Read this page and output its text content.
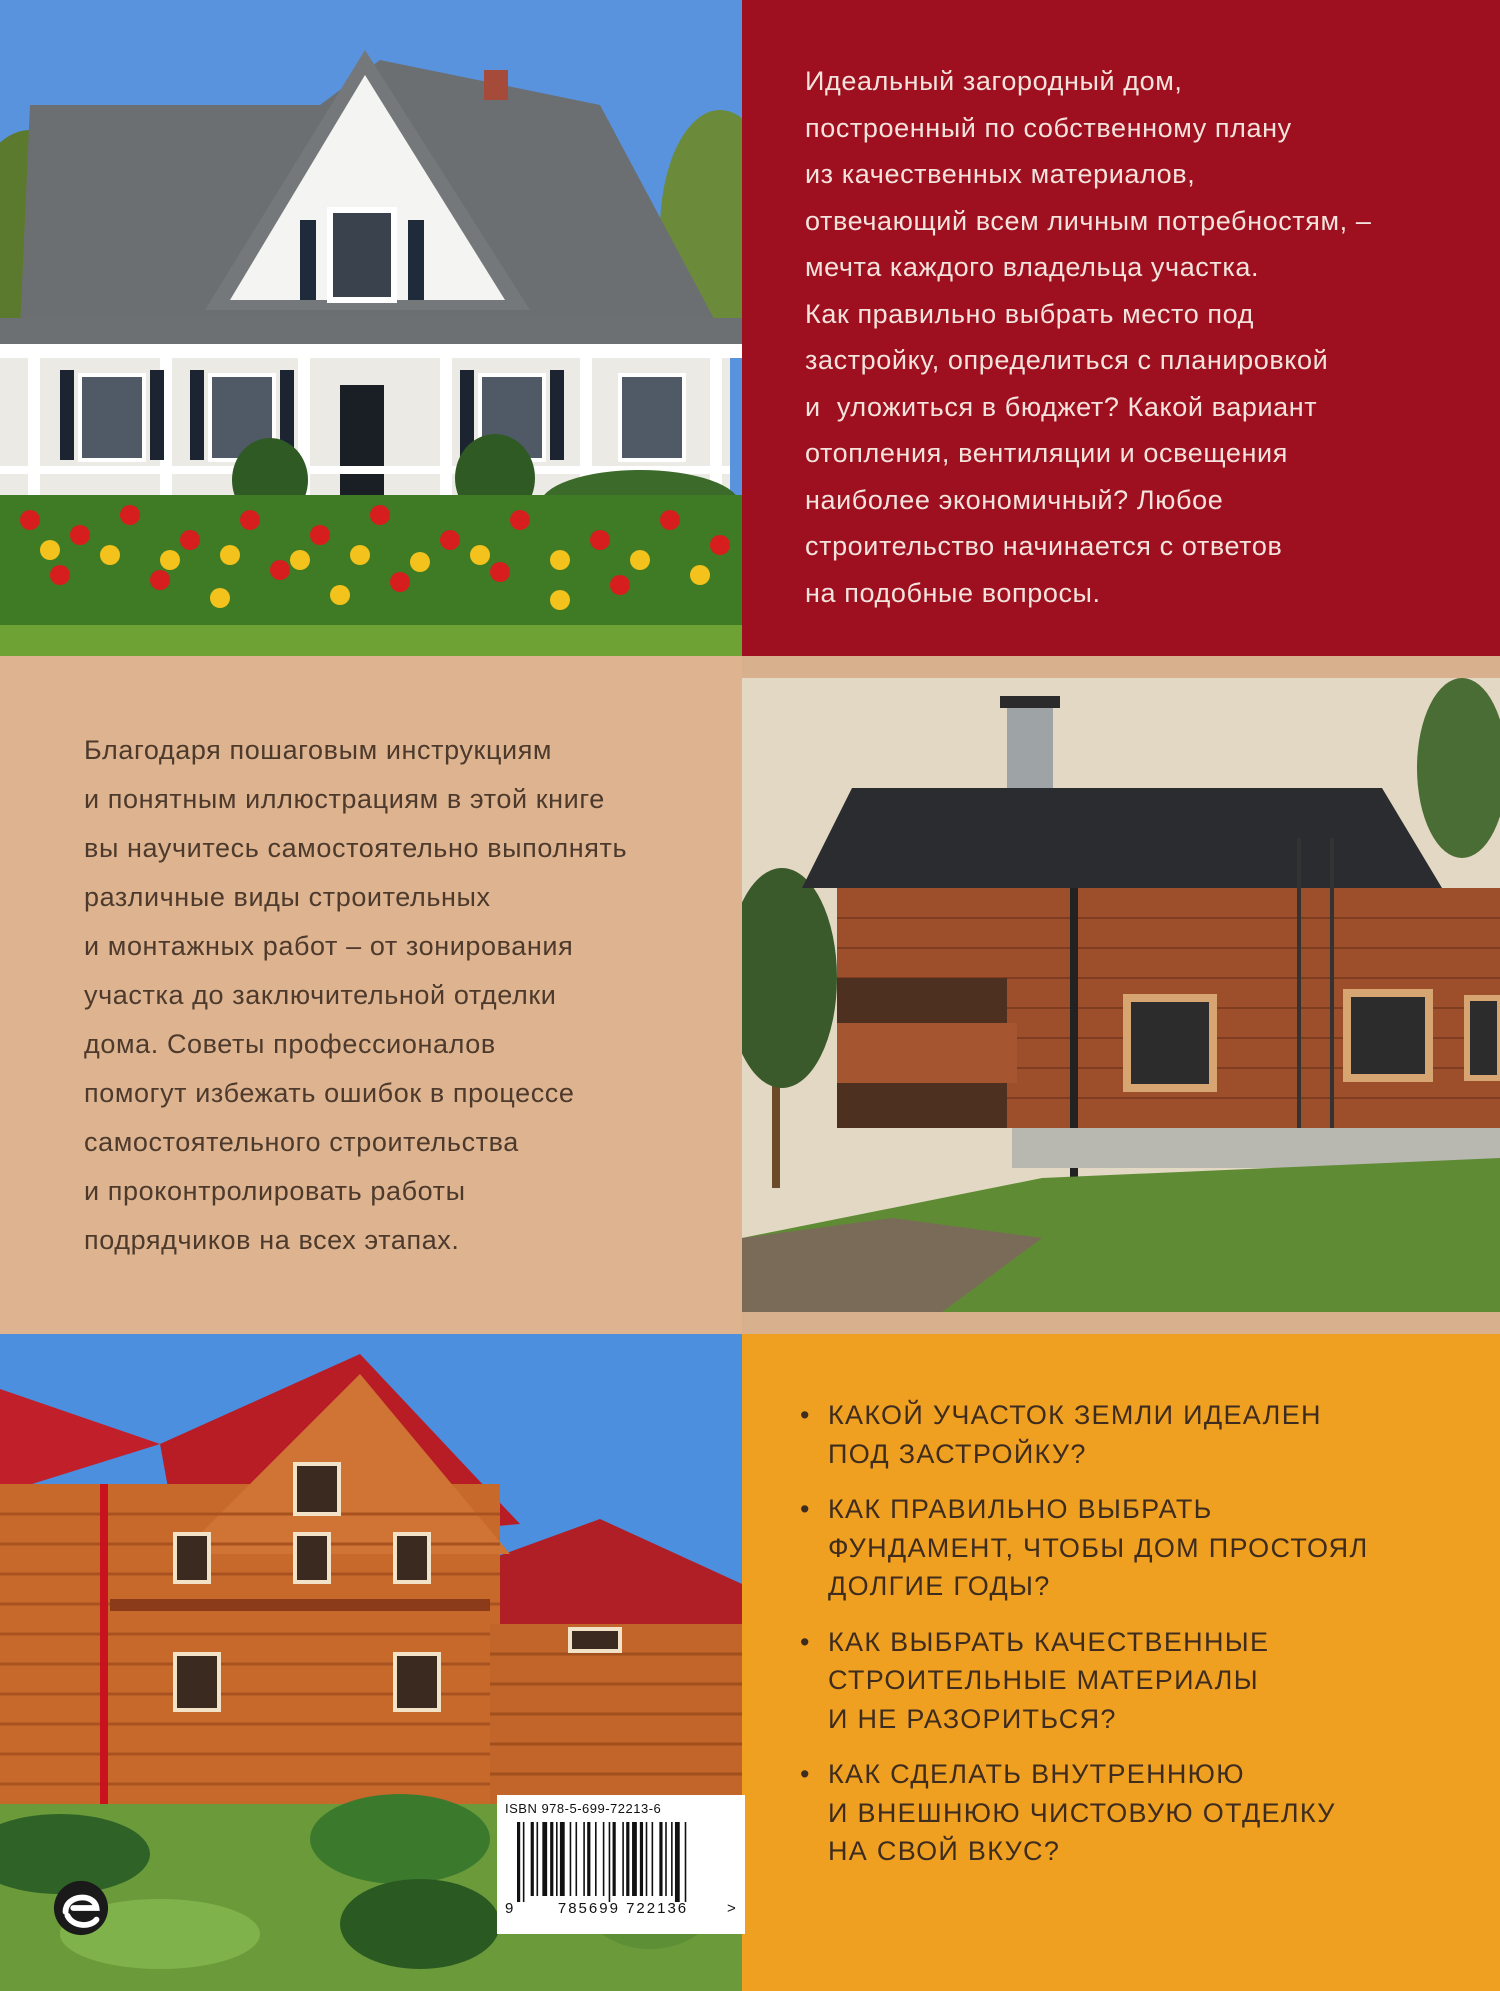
Идеальный загородный дом,
построенный по собственному плану
из качественных материалов,
отвечающий всем личным потребностям, –
мечта каждого владельца участка.
Как правильно выбрать место под
застройку, определиться с планировкой
и  уложиться в бюджет? Какой вариант
отопления, вентиляции и освещения
наиболее экономичный? Любое
строительство начинается с ответов
на подобные вопросы.
Благодаря пошаговым инструкциям
и понятным иллюстрациям в этой книге
вы научитесь самостоятельно выполнять
различные виды строительных
и монтажных работ – от зонирования
участка до заключительной отделки
дома. Советы профессионалов
помогут избежать ошибок в процессе
самостоятельного строительства
и проконтролировать работы
подрядчиков на всех этапах.
• КАКОЙ УЧАСТОК ЗЕМЛИ ИДЕАЛЕН
ПОД ЗАСТРОЙКУ?
• КАК ПРАВИЛЬНО ВЫБРАТЬ
ФУНДАМЕНТ, ЧТОБЫ ДОМ ПРОСТОЯЛ
ДОЛГИЕ ГОДЫ?
• КАК ВЫБРАТЬ КАЧЕСТВЕННЫЕ
СТРОИТЕЛЬНЫЕ МАТЕРИАЛЫ
И НЕ РАЗОРИТЬСЯ?
• КАК СДЕЛАТЬ ВНУТРЕННЮЮ
И ВНЕШНЮЮ ЧИСТОВУЮ ОТДЕЛКУ
НА СВОЙ ВКУС?
ISBN 978-5-699-72213-6
9	785699 722136	>
